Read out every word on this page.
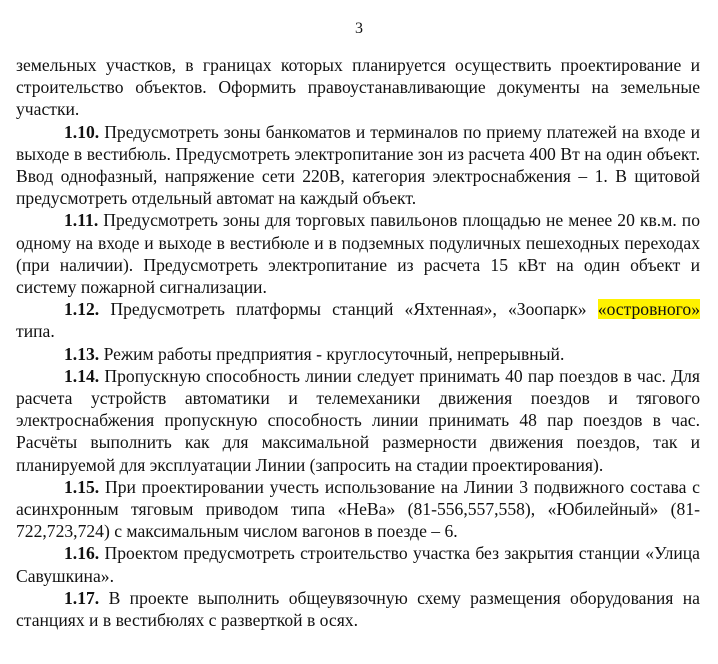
3

земельных участков, в границах которых планируется осуществить проектирование и строительство объектов. Оформить правоустанавливающие документы на земельные участки.

1.10. Предусмотреть зоны банкоматов и терминалов по приему платежей на входе и выходе в вестибюль. Предусмотреть электропитание зон из расчета 400 Вт на один объект. Ввод однофазный, напряжение сети 220В, категория электроснабжения – 1. В щитовой предусмотреть отдельный автомат на каждый объект.

1.11. Предусмотреть зоны для торговых павильонов площадью не менее 20 кв.м. по одному на входе и выходе в вестибюле и в подземных подуличных пешеходных переходах (при наличии). Предусмотреть электропитание из расчета 15 кВт на один объект и систему пожарной сигнализации.

1.12. Предусмотреть платформы станций «Яхтенная», «Зоопарк» «островного» типа.

1.13. Режим работы предприятия - круглосуточный, непрерывный.

1.14. Пропускную способность линии следует принимать 40 пар поездов в час. Для расчета устройств автоматики и телемеханики движения поездов и тягового электроснабжения пропускную способность линии принимать 48 пар поездов в час. Расчёты выполнить как для максимальной размерности движения поездов, так и планируемой для эксплуатации Линии (запросить на стадии проектирования).

1.15. При проектировании учесть использование на Линии 3 подвижного состава с асинхронным тяговым приводом типа «НеВа» (81-556,557,558), «Юбилейный» (81-722,723,724) с максимальным числом вагонов в поезде – 6.

1.16. Проектом предусмотреть строительство участка без закрытия станции «Улица Савушкина».

1.17. В проекте выполнить общеувязочную схему размещения оборудования на станциях и в вестибюлях с разверткой в осях.
